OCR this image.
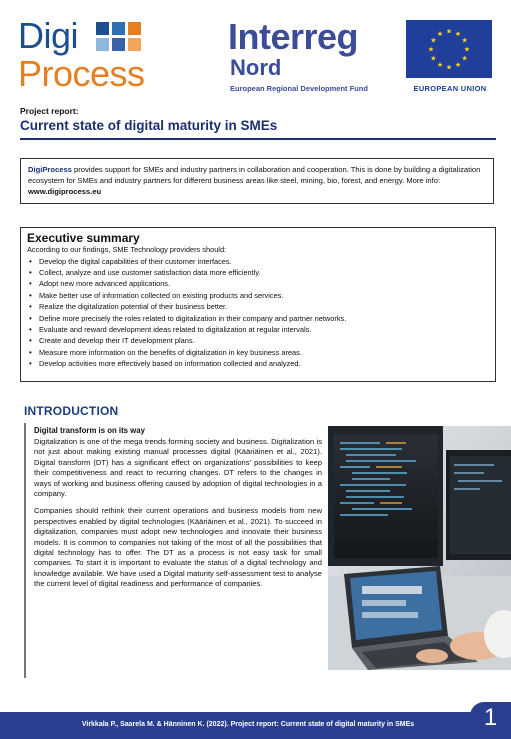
Digi
Process
Interreg
Nord
European Regional Development Fund
★ ★
★
★
★
★
★
★
★
★
★
★
EUROPEAN UNION
Project report:
Current state of digital maturity in SMEs
DigiProcess provides support for SMEs and industry partners in collaboration and cooperation. This is done by building a digitalization ecosystem for SMEs and industry partners for different business areas like steel, mining, bio, forest, and energy. More info: www.digiprocess.eu
Executive summary
According to our findings, SME Technology providers should:
• Develop the digital capabilities of their customer interfaces.
• Collect, analyze and use customer satisfaction data more efficiently.
• Adopt new more advanced applications.
• Make better use of information collected on existing products and services.
• Realize the digitalization potential of their business better.
• Define more precisely the roles related to digitalization in their company and partner networks.
• Evaluate and reward development ideas related to digitalization at regular intervals.
• Create and develop their IT development plans.
• Measure more information on the benefits of digitalization in key business areas.
• Develop activities more effectively based on information collected and analyzed.
INTRODUCTION
Digital transform is on its way

Digitalization is one of the mega trends forming society and business. Digitalization is not just about making existing manual processes digital (Kääriäinen et al., 2021). Digital transform (DT) has a significant effect on organizations' possibilities to keep their competitiveness and react to recurring changes. DT refers to the changes in ways of working and business offering caused by adoption of digital technologies in a company.

Companies should rethink their current operations and business models from new perspectives enabled by digital technologies (Kääriäinen et al., 2021). To succeed in digitalization, companies must adopt new technologies and innovate their business models. It is common to companies not taking of the most of all the possibilities that digital technology has to offer. The DT as a process is not easy task for small companies. To start it is important to evaluate the status of a digital technology and knowledge available. We have used a Digital maturity self-assessment test to analyse the current level of digital readiness and performance of companies.

Virkkala P., Saarela M. & Hänninen K. (2022). Project report: Current state of digital maturity in SMEs	1
